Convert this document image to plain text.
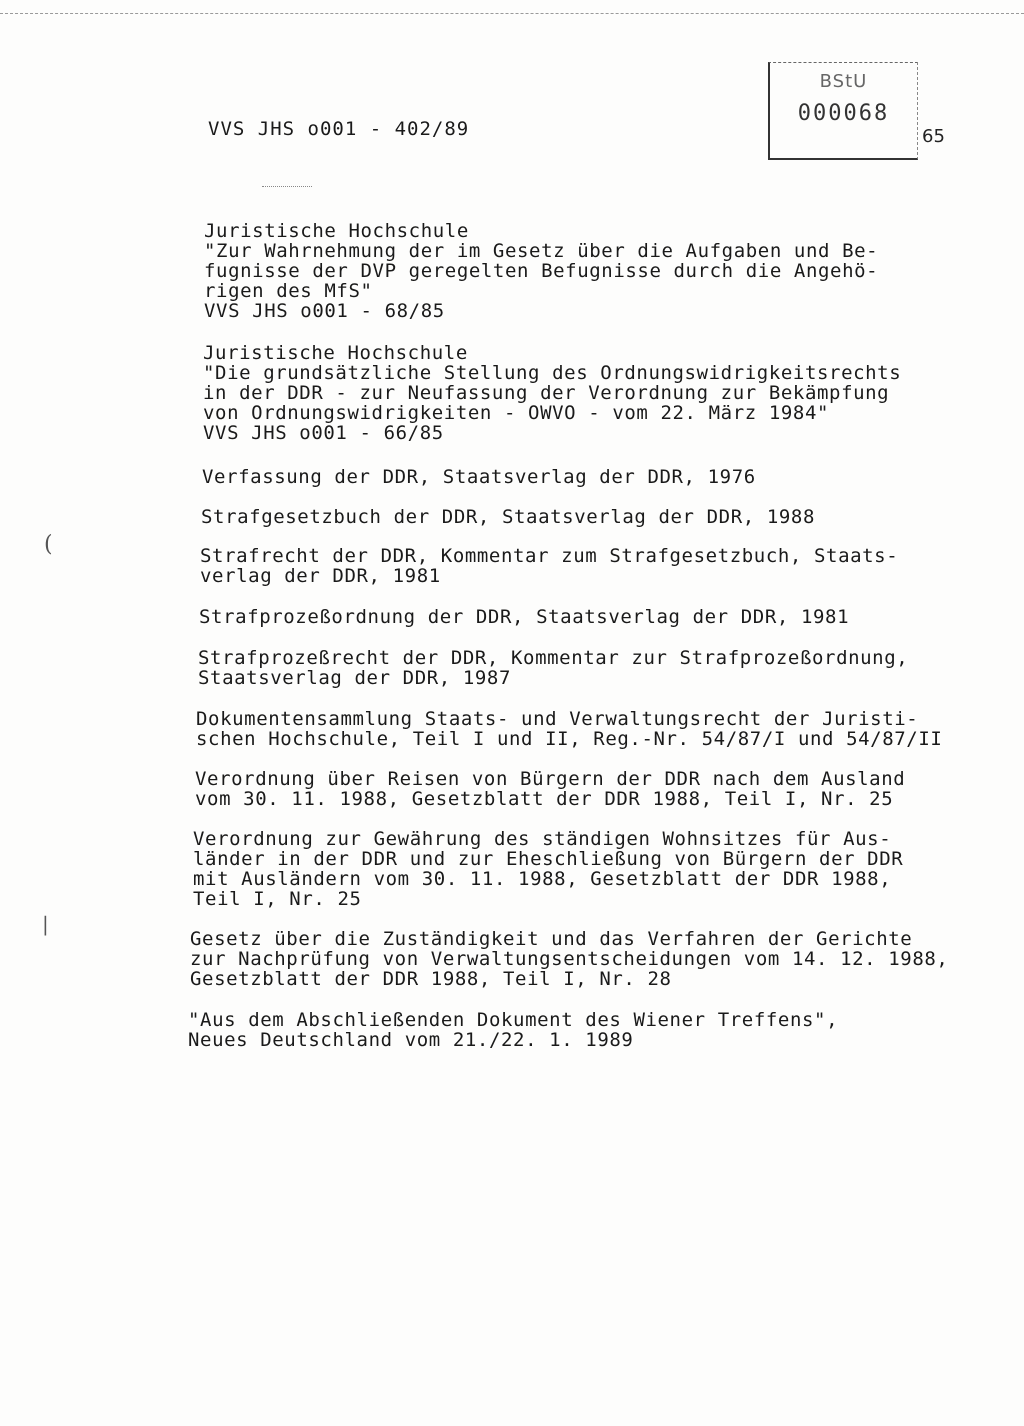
VVS JHS o001 - 402/89
BStU
000068
65
(
|
Juristische Hochschule
"Zur Wahrnehmung der im Gesetz über die Aufgaben und Be-
fugnisse der DVP geregelten Befugnisse durch die Angehö-
rigen des MfS"
VVS JHS o001 - 68/85
Juristische Hochschule
"Die grundsätzliche Stellung des Ordnungswidrigkeitsrechts
in der DDR - zur Neufassung der Verordnung zur Bekämpfung
von Ordnungswidrigkeiten - OWVO - vom 22. März 1984"
VVS JHS o001 - 66/85
Verfassung der DDR, Staatsverlag der DDR, 1976
Strafgesetzbuch der DDR, Staatsverlag der DDR, 1988
Strafrecht der DDR, Kommentar zum Strafgesetzbuch, Staats-
verlag der DDR, 1981
Strafprozeßordnung der DDR, Staatsverlag der DDR, 1981
Strafprozeßrecht der DDR, Kommentar zur Strafprozeßordnung,
Staatsverlag der DDR, 1987
Dokumentensammlung Staats- und Verwaltungsrecht der Juristi-
schen Hochschule, Teil I und II, Reg.-Nr. 54/87/I und 54/87/II
Verordnung über Reisen von Bürgern der DDR nach dem Ausland
vom 30. 11. 1988, Gesetzblatt der DDR 1988, Teil I, Nr. 25
Verordnung zur Gewährung des ständigen Wohnsitzes für Aus-
länder in der DDR und zur Eheschließung von Bürgern der DDR
mit Ausländern vom 30. 11. 1988, Gesetzblatt der DDR 1988,
Teil I, Nr. 25
Gesetz über die Zuständigkeit und das Verfahren der Gerichte
zur Nachprüfung von Verwaltungsentscheidungen vom 14. 12. 1988,
Gesetzblatt der DDR 1988, Teil I, Nr. 28
"Aus dem Abschließenden Dokument des Wiener Treffens",
Neues Deutschland vom 21./22. 1. 1989
